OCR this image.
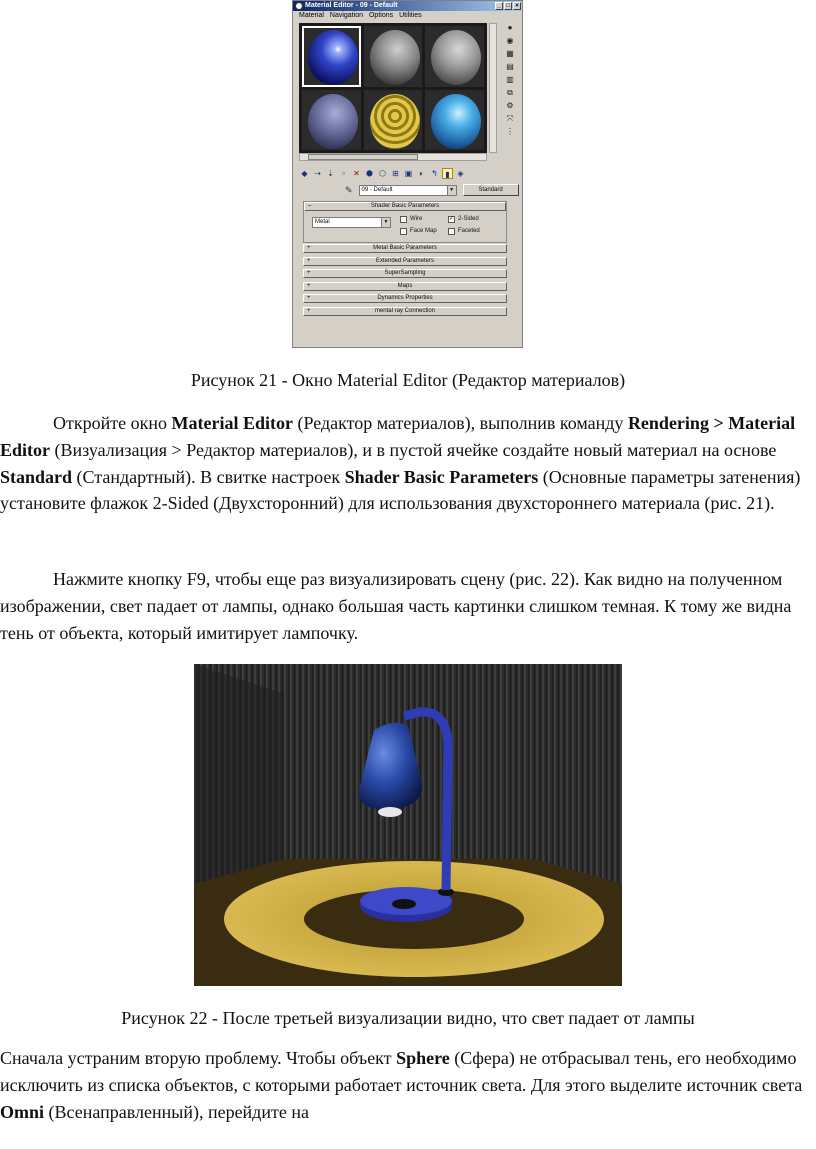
Material Editor - 09 - Default	_ □ ×
Material Navigation Options Utilities
●
◉
▦
▤
▥
⧉
⚙
⤧
⋮
◆ ⇢ ⇣	▫	✕ ⬢ ⬡ ⊞ ▣ ◐ ↰ ▮ ◈
✎	09 - Default	▼	Standard
–	Shader Basic Parameters
Metal	▼	Wire	✓ 2-Sided
Face Map	Faceted
+	Metal Basic Parameters
+	Extended Parameters
+	SuperSampling
+	Maps
+	Dynamics Properties
+	mental ray Connection
Рисунок 21 - Окно Material Editor (Редактор материалов)
Откройте окно Material Editor (Редактор материалов), выполнив команду Rendering > Material Editor (Визуализация > Редактор материалов), и в пустой ячейке создайте новый материал на основе Standard (Стандартный). В свитке настроек Shader Basic Parameters (Основные параметры затенения) установите флажок 2-Sided (Двухсторонний) для использования двухстороннего материала (рис. 21).
Нажмите кнопку F9, чтобы еще раз визуализировать сцену (рис. 22). Как видно на полученном изображении, свет падает от лампы, однако большая часть картинки слишком темная. К тому же видна тень от объекта, который имитирует лампочку.
Рисунок 22 - После третьей визуализации видно, что свет падает от лампы
Сначала устраним вторую проблему. Чтобы объект Sphere (Сфера) не отбрасывал тень, его необходимо исключить из списка объектов, с которыми работает источник света. Для этого выделите источник света Omni (Всенаправленный), перейдите на
